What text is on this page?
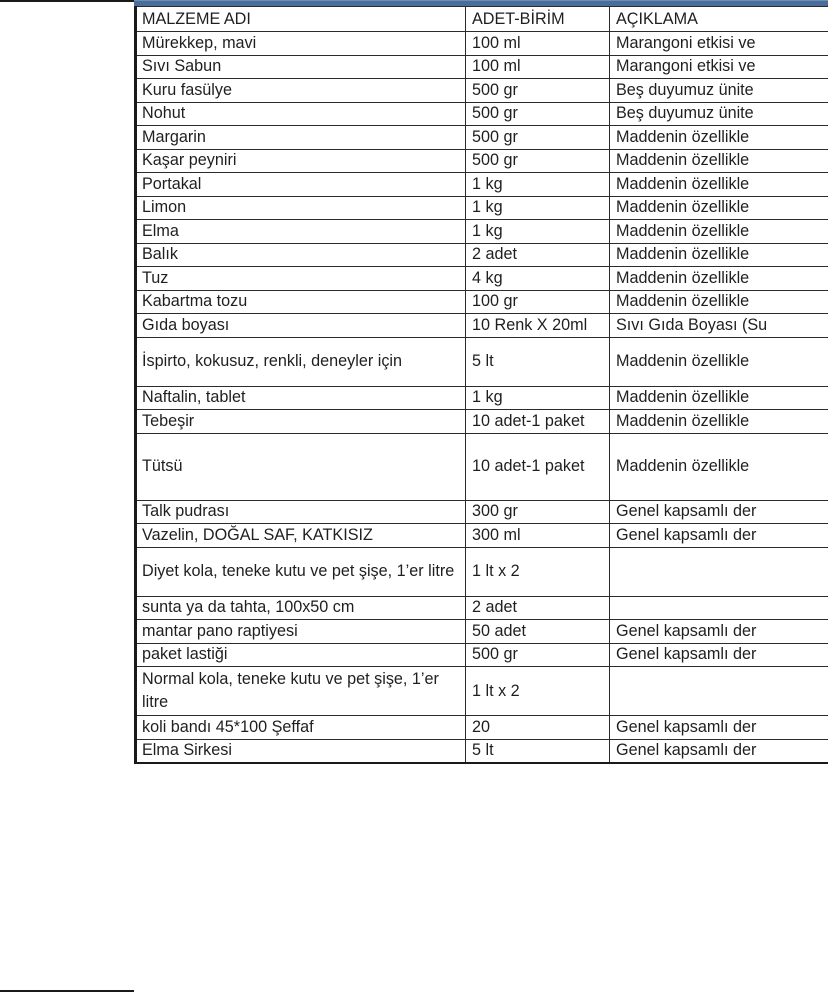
MALZEME ADI	ADET-BİRİM	AÇIKLAMA
Mürekkep, mavi	100 ml	Marangoni etkisi ve
Sıvı Sabun	100 ml	Marangoni etkisi ve
Kuru fasülye	500 gr	Beş duyumuz ünite
Nohut	500 gr	Beş duyumuz ünite
Margarin	500 gr	Maddenin özellikle
Kaşar peyniri	500 gr	Maddenin özellikle
Portakal	1 kg	Maddenin özellikle
Limon	1 kg	Maddenin özellikle
Elma	1 kg	Maddenin özellikle
Balık	2 adet	Maddenin özellikle
Tuz	4 kg	Maddenin özellikle
Kabartma tozu	100 gr	Maddenin özellikle
Gıda boyası	10 Renk X 20ml	Sıvı Gıda Boyası (Su
İspirto, kokusuz, renkli, deneyler için	5 lt	Maddenin özellikle
Naftalin, tablet	1 kg	Maddenin özellikle
Tebeşir	10 adet-1 paket	Maddenin özellikle
Tütsü	10 adet-1 paket	Maddenin özellikle
Talk pudrası	300 gr	Genel kapsamlı der
Vazelin, DOĞAL SAF, KATKISIZ	300 ml	Genel kapsamlı der
Diyet kola, teneke kutu ve pet şişe, 1’er litre	1 lt x 2	
sunta ya da tahta, 100x50 cm	2 adet	
mantar pano raptiyesi	50 adet	Genel kapsamlı der
paket lastiği	500 gr	Genel kapsamlı der
Normal kola, teneke kutu ve pet şişe, 1’er litre	1 lt x 2	
koli bandı 45*100 Şeffaf	20	Genel kapsamlı der
Elma Sirkesi	5 lt	Genel kapsamlı der
